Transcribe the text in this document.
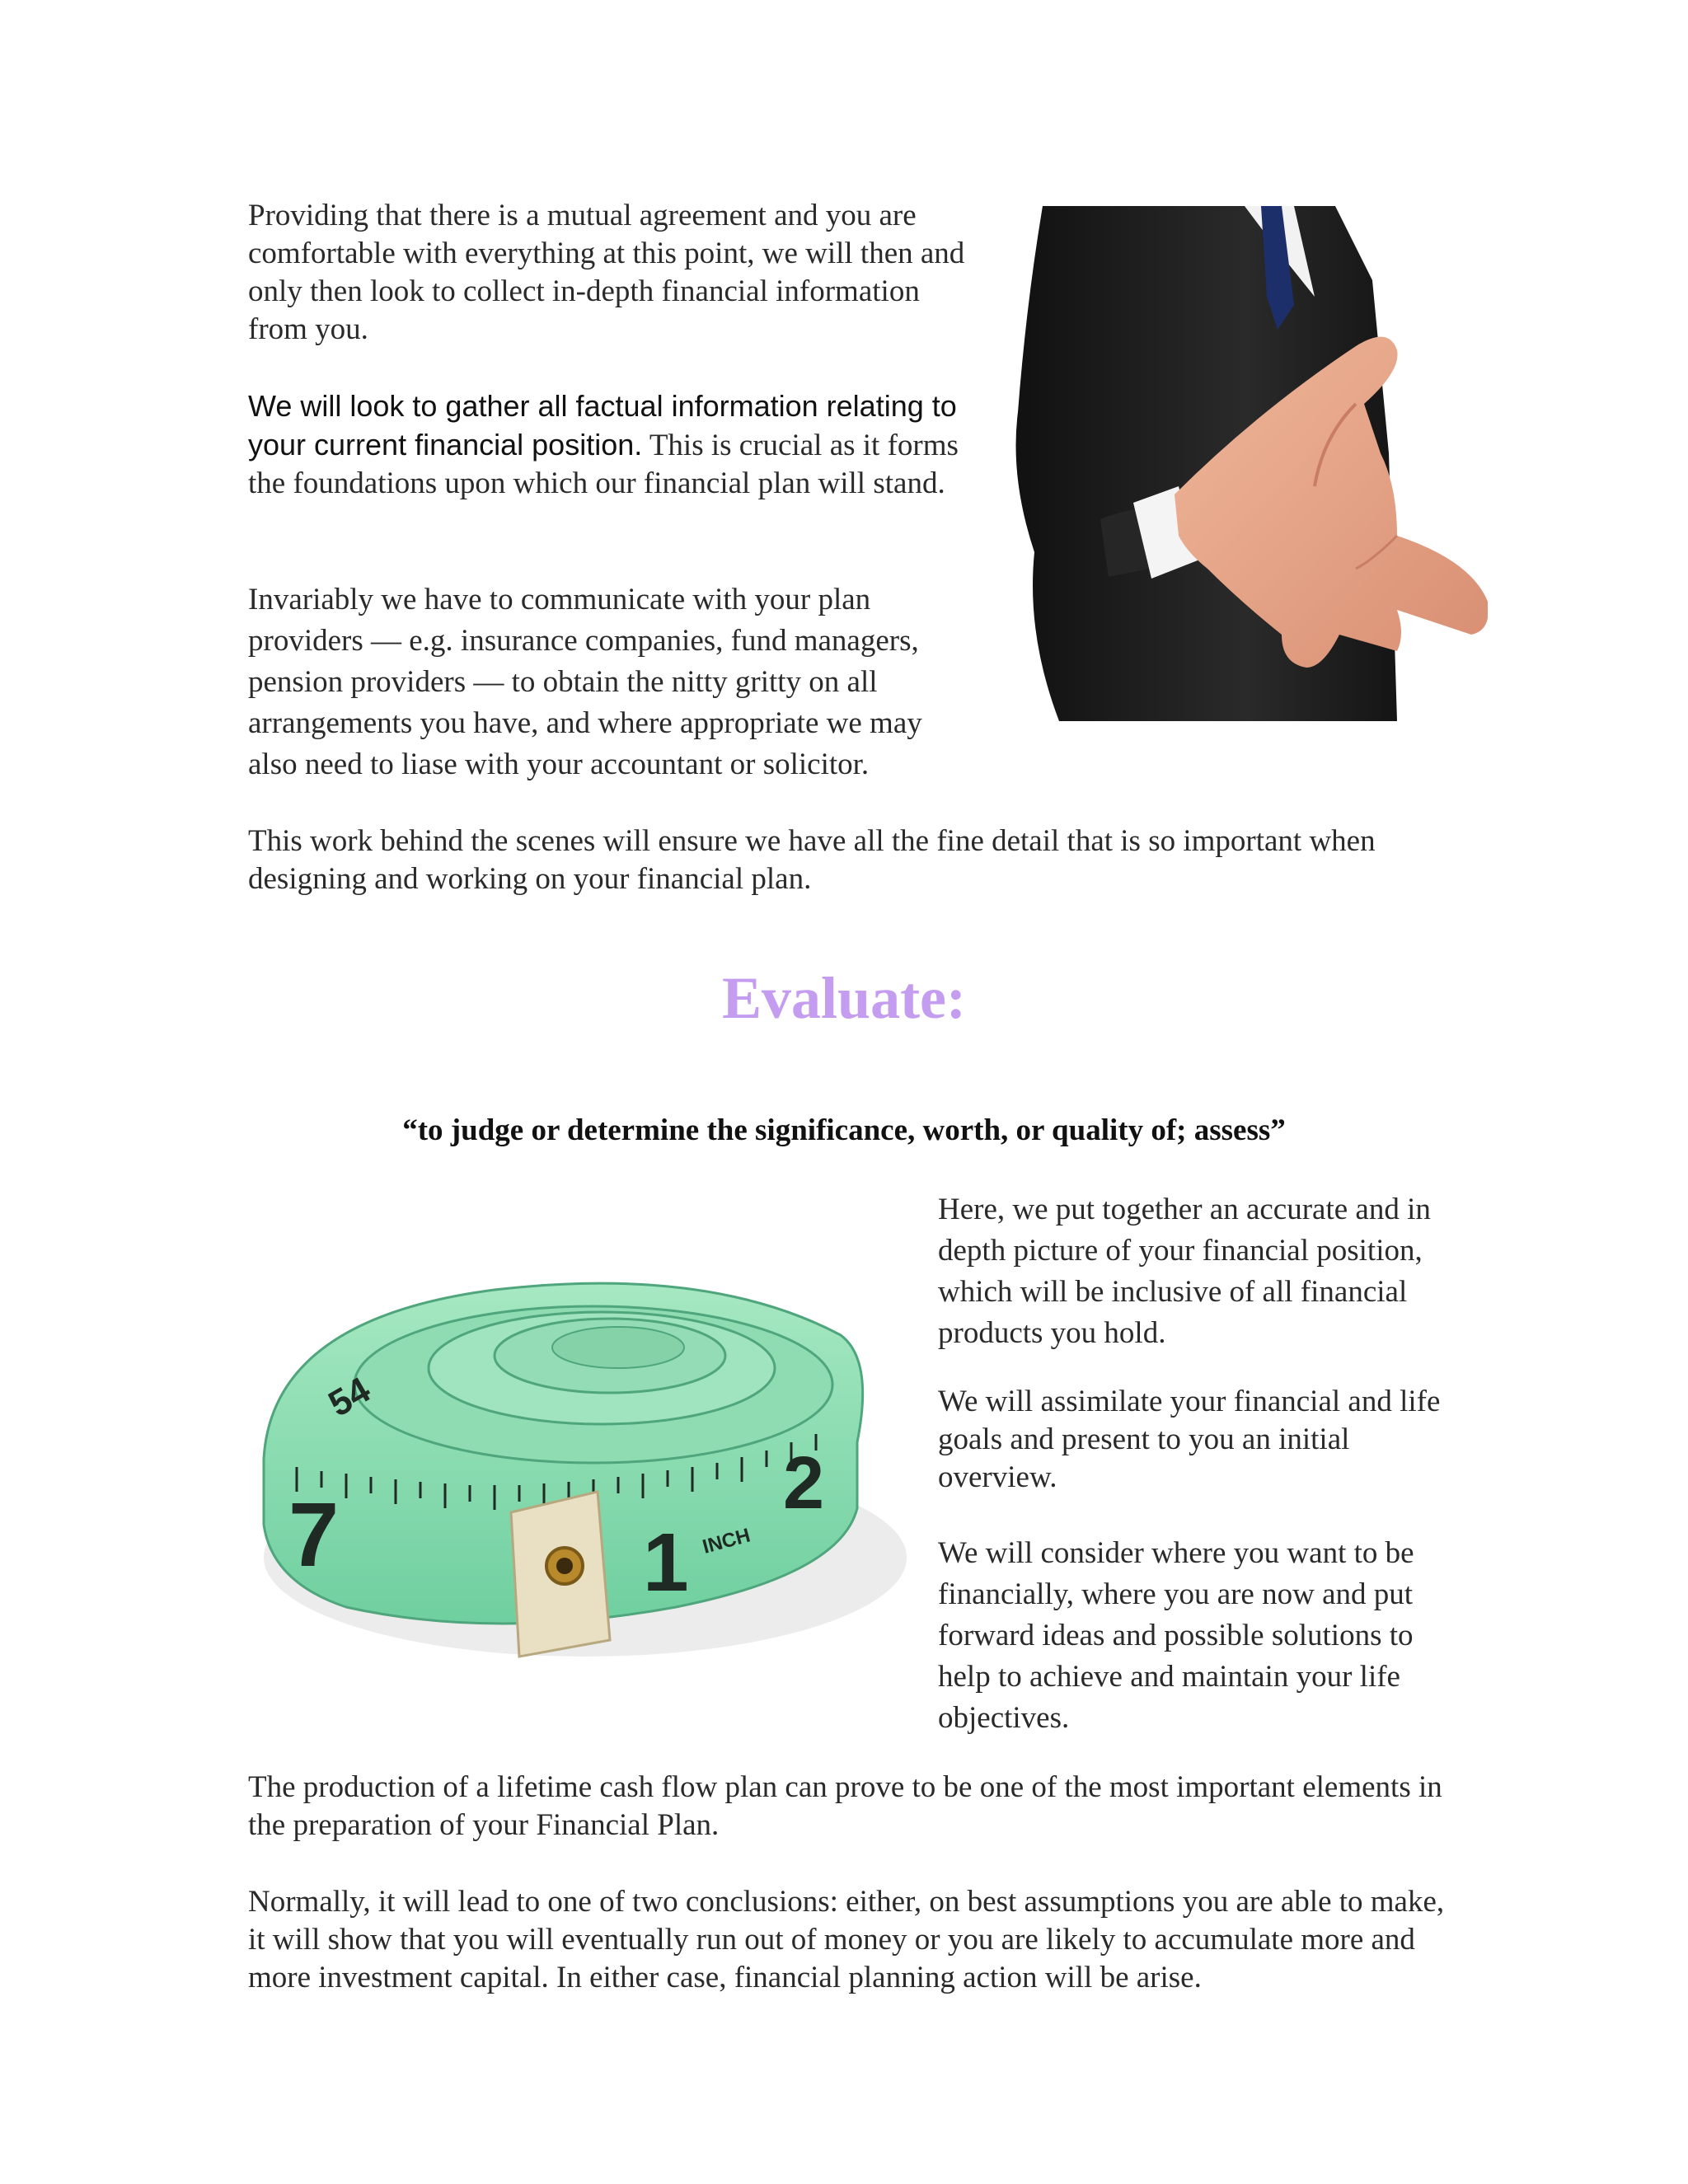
Providing that there is a mutual agreement and you are comfortable with everything at this point, we will then and only then look to collect in-depth financial information from you.

We will look to gather all factual information relating to your current financial position. This is crucial as it forms the foundations upon which our financial plan will stand.

Invariably we have to communicate with your plan providers — e.g. insurance companies, fund managers, pension providers — to obtain the nitty gritty on all arrangements you have, and where appropriate we may also need to liase with your accountant or solicitor.

This work behind the scenes will ensure we have all the fine detail that is so important when designing and working on your financial plan.

Evaluate:

“to judge or determine the significance, worth, or quality of; assess”

7	1
2
54
INCH

Here, we put together an accurate and in depth picture of your financial position, which will be inclusive of all financial products you hold.

We will assimilate your financial and life goals and present to you an initial overview.

We will consider where you want to be financially, where you are now and put forward ideas and possible solutions to help to achieve and maintain your life objectives.

The production of a lifetime cash flow plan can prove to be one of the most important elements in the preparation of your Financial Plan.

Normally, it will lead to one of two conclusions: either, on best assumptions you are able to make, it will show that you will eventually run out of money or you are likely to accumulate more and more investment capital. In either case, financial planning action will be arise.
